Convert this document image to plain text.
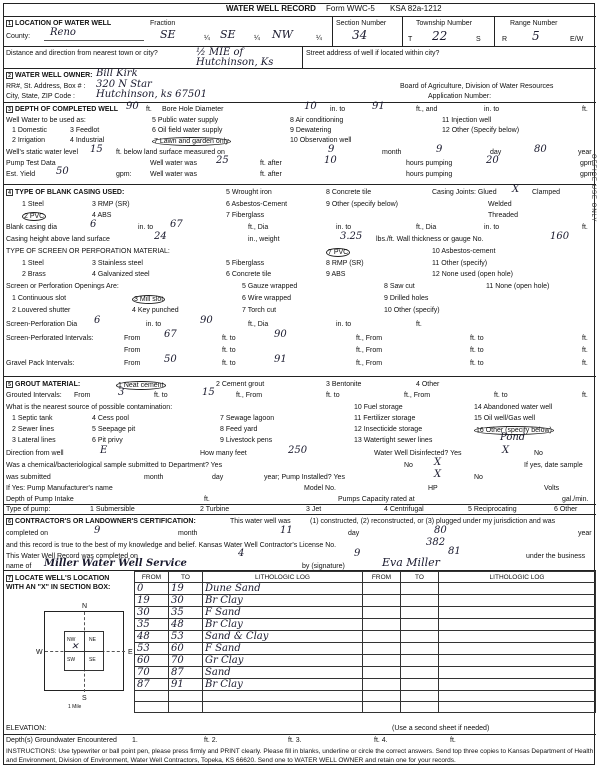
WATER WELL RECORD Form WWC-5 KSA 82a-1212
1 LOCATION OF WATER WELL
County: Reno
Fraction
SE	¼ SE	¼ NW	¼
Section Number
34
Township Number
T 22	S
Range Number
R 5	E/W
Distance and direction from nearest town or city?	½ MIE of Hutchinson, Ks
Street address of well if located within city?
2 WATER WELL OWNER: Bill Kirk
RR#, St. Address, Box # : 320 N Star
City, State, ZIP Code : Hutchinson, ks 67501
Board of Agriculture, Division of Water Resources
Application Number:
3 DEPTH OF COMPLETED WELL 90 ft. Bore Hole Diameter	10 in. to	91	ft., and	in. to	ft.
Well Water to be used as:
1 Domestic
2 Irrigation
3 Feedlot
4 Industrial
5 Public water supply
6 Oil field water supply
7 Lawn and garden only
8 Air conditioning
9 Dewatering
10 Observation well
11 Injection well
12 Other (Specify below)
Well's static water level 15 ft. below land surface measured on	9	month	9	day	80	year
Pump Test Data	Well water was 25	ft. after	10	hours pumping	20	gpm
Est. Yield 50	gpm:	Well water was	ft. after	hours pumping	gpm
4 TYPE OF BLANK CASING USED:
1 Steel
2 PVC
3 RMP (SR)
4 ABS
5 Wrought iron
6 Asbestos-Cement
7 Fiberglass
8 Concrete tile
9 Other (specify below)
Casing Joints: Glued X Clamped
Welded
Threaded
Blank casing dia	6	in. to 67	ft., Dia	in. to	ft., Dia	in. to	ft.
Casing height above land surface	24	in., weight	3.25 lbs./ft. Wall thickness or gauge No.	160
TYPE OF SCREEN OR PERFORATION MATERIAL:
1 Steel
2 Brass
3 Stainless steel
4 Galvanized steel
5 Fiberglass
6 Concrete tile
7 PVC
8 RMP (SR)
9 ABS
10 Asbestos-cement
11 Other (specify)
12 None used (open hole)
Screen or Perforation Openings Are:
1 Continuous slot
2 Louvered shutter
3 Mill slot
4 Key punched
5 Gauze wrapped
6 Wire wrapped
7 Torch cut
8 Saw cut
9 Drilled holes
10 Other (specify)
11 None (open hole)
Screen-Perforation Dia 6	in. to	90	ft., Dia	in. to	ft.
Screen-Perforated Intervals:	From 67	ft. to	90	ft., From	ft. to	ft.
From	ft. to	ft., From	ft. to	ft.
Gravel Pack Intervals:	From 50	ft. to	91	ft., From	ft. to	ft.
5 GROUT MATERIAL:	1 Neat cement	2 Cement grout	3 Bentonite	4 Other
Grouted Intervals: From	3	ft. to	15	ft., From	ft. to	ft., From	ft. to	ft.
What is the nearest source of possible contamination:
1 Septic tank
2 Sewer lines
3 Lateral lines
4 Cess pool
5 Seepage pit
6 Pit privy
7 Sewage lagoon
8 Feed yard
9 Livestock pens
10 Fuel storage
11 Fertilizer storage
12 Insecticide storage
13 Watertight sewer lines
14 Abandoned water well
15 Oil well/Gas well
16 Other (specify below)
Pond
Direction from well	E	How many feet	250	Water Well Disinfected? Yes	X	No
Was a chemical/bacteriological sample submitted to Department? Yes	No X	If yes, date sample
was submitted	month	day	year; Pump Installed? Yes	X	No
If Yes: Pump Manufacturer's name	Model No.	HP	Volts
Depth of Pump Intake	ft.	Pumps Capacity rated at	gal./min.
Type of pump:	1 Submersible	2 Turbine	3 Jet	4 Centrifugal	5 Reciprocating	6 Other
6 CONTRACTOR'S OR LANDOWNER'S CERTIFICATION:	This water well was	(1) constructed, (2) reconstructed, or (3) plugged under my jurisdiction and was
completed on	9	month	11	day	80	year
and this record is true to the best of my knowledge and belief. Kansas Water Well Contractor's License No.	382
This Water Well Record was completed on	4	9	81	under the business
name of Miller Water Well Service	by (signature)	Eva Miller
7 LOCATE WELL'S LOCATION WITH AN "X" IN SECTION BOX:
NW	NE
SW	SE
✕
N
S
W	E
1 Mile
ELEVATION:
FROM	TO	LITHOLOGIC LOG	FROM	TO	LITHOLOGIC LOG
0	19	Dune Sand			
19	30	Br Clay			
30	35	F Sand			
35	48	Br Clay			
48	53	Sand & Clay			
53	60	F Sand			
60	70	Gr Clay			
70	87	Sand			
87	91	Br Clay			

(Use a second sheet if needed)
Depth(s) Groundwater Encountered 1.	ft. 2.	ft. 3.	ft. 4.	ft.
INSTRUCTIONS: Use typewriter or ball point pen, please press firmly and PRINT clearly. Please fill in blanks, underline or circle the correct answers. Send top three copies to Kansas Department of Health and Environment, Division of Environment, Water Well Contractors, Topeka, KS 66620. Send one to WATER WELL OWNER and retain one for your records.
OFFICE USE ONLY
